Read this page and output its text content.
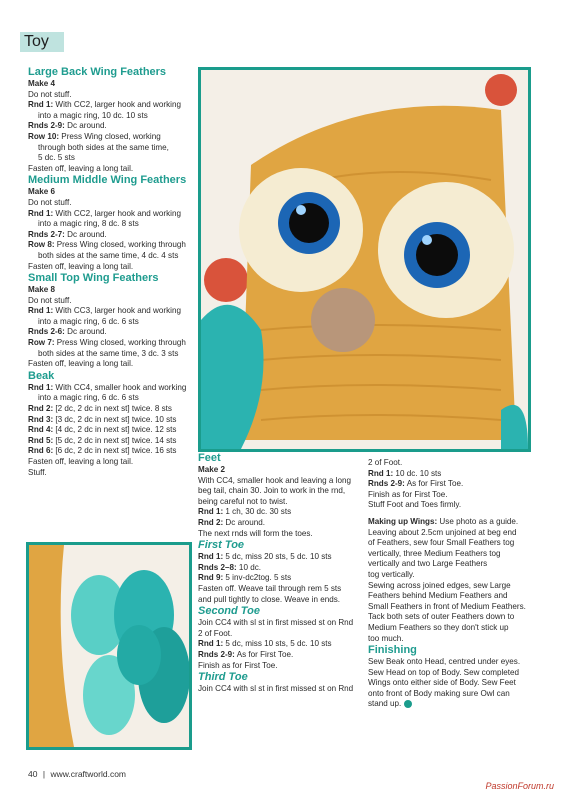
Toy

Large Back Wing Feathers

Make 4

Do not stuff.

Rnd 1: With CC2, larger hook and working

into a magic ring, 10 dc. 10 sts

Rnds 2-9: Dc around.

Row 10: Press Wing closed, working

through both sides at the same time,

5 dc. 5 sts

Fasten off, leaving a long tail.

Medium Middle Wing Feathers

Make 6

Do not stuff.

Rnd 1: With CC2, larger hook and working

into a magic ring, 8 dc. 8 sts

Rnds 2-7: Dc around.

Row 8: Press Wing closed, working through

both sides at the same time, 4 dc. 4 sts

Fasten off, leaving a long tail.

Small Top Wing Feathers

Make 8

Do not stuff.

Rnd 1: With CC3, larger hook and working

into a magic ring, 6 dc. 6 sts

Rnds 2-6: Dc around.

Row 7: Press Wing closed, working through

both sides at the same time, 3 dc. 3 sts

Fasten off, leaving a long tail.

Beak

Rnd 1: With CC4, smaller hook and working

into a magic ring, 6 dc. 6 sts

Rnd 2: [2 dc, 2 dc in next st] twice. 8 sts

Rnd 3: [3 dc, 2 dc in next st] twice. 10 sts

Rnd 4: [4 dc, 2 dc in next st] twice. 12 sts

Rnd 5: [5 dc, 2 dc in next st] twice. 14 sts

Rnd 6: [6 dc, 2 dc in next st] twice. 16 sts

Fasten off, leaving a long tail.

Stuff.

Feet

Make 2

With CC4, smaller hook and leaving a long

beg tail, chain 30. Join to work in the rnd,

being careful not to twist.

Rnd 1: 1 ch, 30 dc. 30 sts

Rnd 2: Dc around.

The next rnds will form the toes.

First Toe

Rnd 1: 5 dc, miss 20 sts, 5 dc. 10 sts

Rnds 2–8: 10 dc.

Rnd 9: 5 inv-dc2tog. 5 sts

Fasten off. Weave tail through rem 5 sts

and pull tightly to close. Weave in ends.

Second Toe

Join CC4 with sl st in first missed st on Rnd

2 of Foot.

Rnd 1: 5 dc, miss 10 sts, 5 dc. 10 sts

Rnds 2-9: As for First Toe.

Finish as for First Toe.

Third Toe

Join CC4 with sl st in first missed st on Rnd

2 of Foot.

Rnd 1: 10 dc. 10 sts

Rnds 2-9: As for First Toe.

Finish as for First Toe.

Stuff Foot and Toes firmly.

Making up Wings: Use photo as a guide.

Leaving about 2.5cm unjoined at beg end

of Feathers, sew four Small Feathers tog

vertically, three Medium Feathers tog

vertically and two Large Feathers

tog vertically.

Sewing across joined edges, sew Large

Feathers behind Medium Feathers and

Small Feathers in front of Medium Feathers.

Tack both sets of outer Feathers down to

Medium Feathers so they don't stick up

too much.

Finishing

Sew Beak onto Head, centred under eyes.

Sew Head on top of Body. Sew completed

Wings onto either side of Body. Sew Feet

onto front of Body making sure Owl can

stand up.

40 | www.craftworld.com
PassionForum.ru
